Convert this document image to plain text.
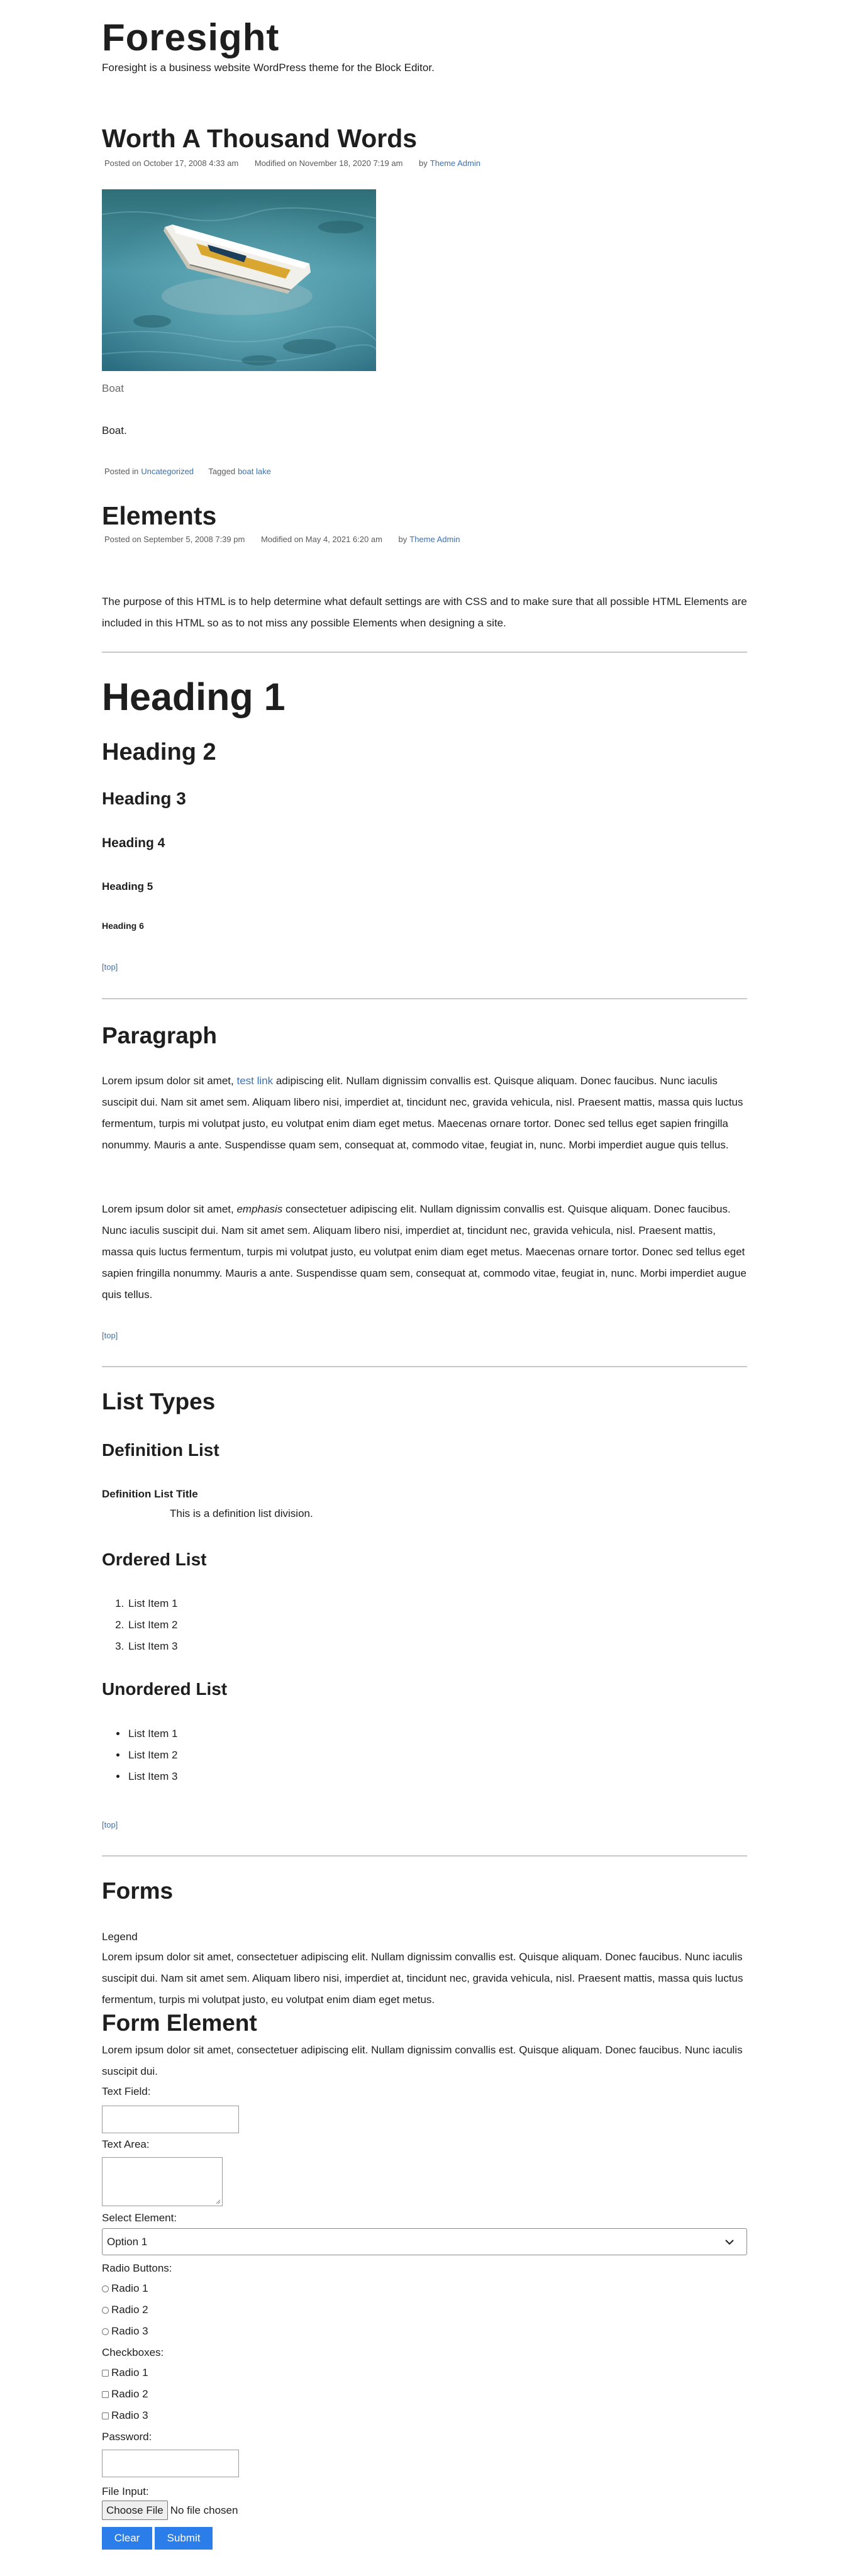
Foresight

Foresight is a business website WordPress theme for the Block Editor.

Worth A Thousand Words

Posted on October 17, 2008 4:33 am Modified on November 18, 2020 7:19 am by Theme Admin

Boat

Boat.

Posted in Uncategorized Tagged boat lake

Elements

Posted on September 5, 2008 7:39 pm Modified on May 4, 2021 6:20 am by Theme Admin

The purpose of this HTML is to help determine what default settings are with CSS and to make sure that all possible HTML Elements are included in this HTML so as to not miss any possible Elements when designing a site.

Heading 1
Heading 2
Heading 3
Heading 4
Heading 5
Heading 6
[top]
Paragraph

Lorem ipsum dolor sit amet, test link adipiscing elit. Nullam dignissim convallis est. Quisque aliquam. Donec faucibus. Nunc iaculis suscipit dui. Nam sit amet sem. Aliquam libero nisi, imperdiet at, tincidunt nec, gravida vehicula, nisl. Praesent mattis, massa quis luctus fermentum, turpis mi volutpat justo, eu volutpat enim diam eget metus. Maecenas ornare tortor. Donec sed tellus eget sapien fringilla nonummy. Mauris a ante. Suspendisse quam sem, consequat at, commodo vitae, feugiat in, nunc. Morbi imperdiet augue quis tellus.

Lorem ipsum dolor sit amet, emphasis consectetuer adipiscing elit. Nullam dignissim convallis est. Quisque aliquam. Donec faucibus. Nunc iaculis suscipit dui. Nam sit amet sem. Aliquam libero nisi, imperdiet at, tincidunt nec, gravida vehicula, nisl. Praesent mattis, massa quis luctus fermentum, turpis mi volutpat justo, eu volutpat enim diam eget metus. Maecenas ornare tortor. Donec sed tellus eget sapien fringilla nonummy. Mauris a ante. Suspendisse quam sem, consequat at, commodo vitae, feugiat in, nunc. Morbi imperdiet augue quis tellus.

[top]
List Types
Definition List
Definition List Title
This is a definition list division.
Ordered List
1. List Item 1
2. List Item 2
3. List Item 3
Unordered List
• List Item 1
• List Item 2
• List Item 3
[top]
Forms

Legend

Lorem ipsum dolor sit amet, consectetuer adipiscing elit. Nullam dignissim convallis est. Quisque aliquam. Donec faucibus. Nunc iaculis suscipit dui. Nam sit amet sem. Aliquam libero nisi, imperdiet at, tincidunt nec, gravida vehicula, nisl. Praesent mattis, massa quis luctus fermentum, turpis mi volutpat justo, eu volutpat enim diam eget metus.

Form Element

Lorem ipsum dolor sit amet, consectetuer adipiscing elit. Nullam dignissim convallis est. Quisque aliquam. Donec faucibus. Nunc iaculis suscipit dui.

Text Field:

Text Area:

Select Element:

Option 1

Radio Buttons:

Radio 1
Radio 2
Radio 3

Checkboxes:

Radio 1
Radio 2
Radio 3

Password:

File Input:

Choose File No file chosen
Clear	Submit
